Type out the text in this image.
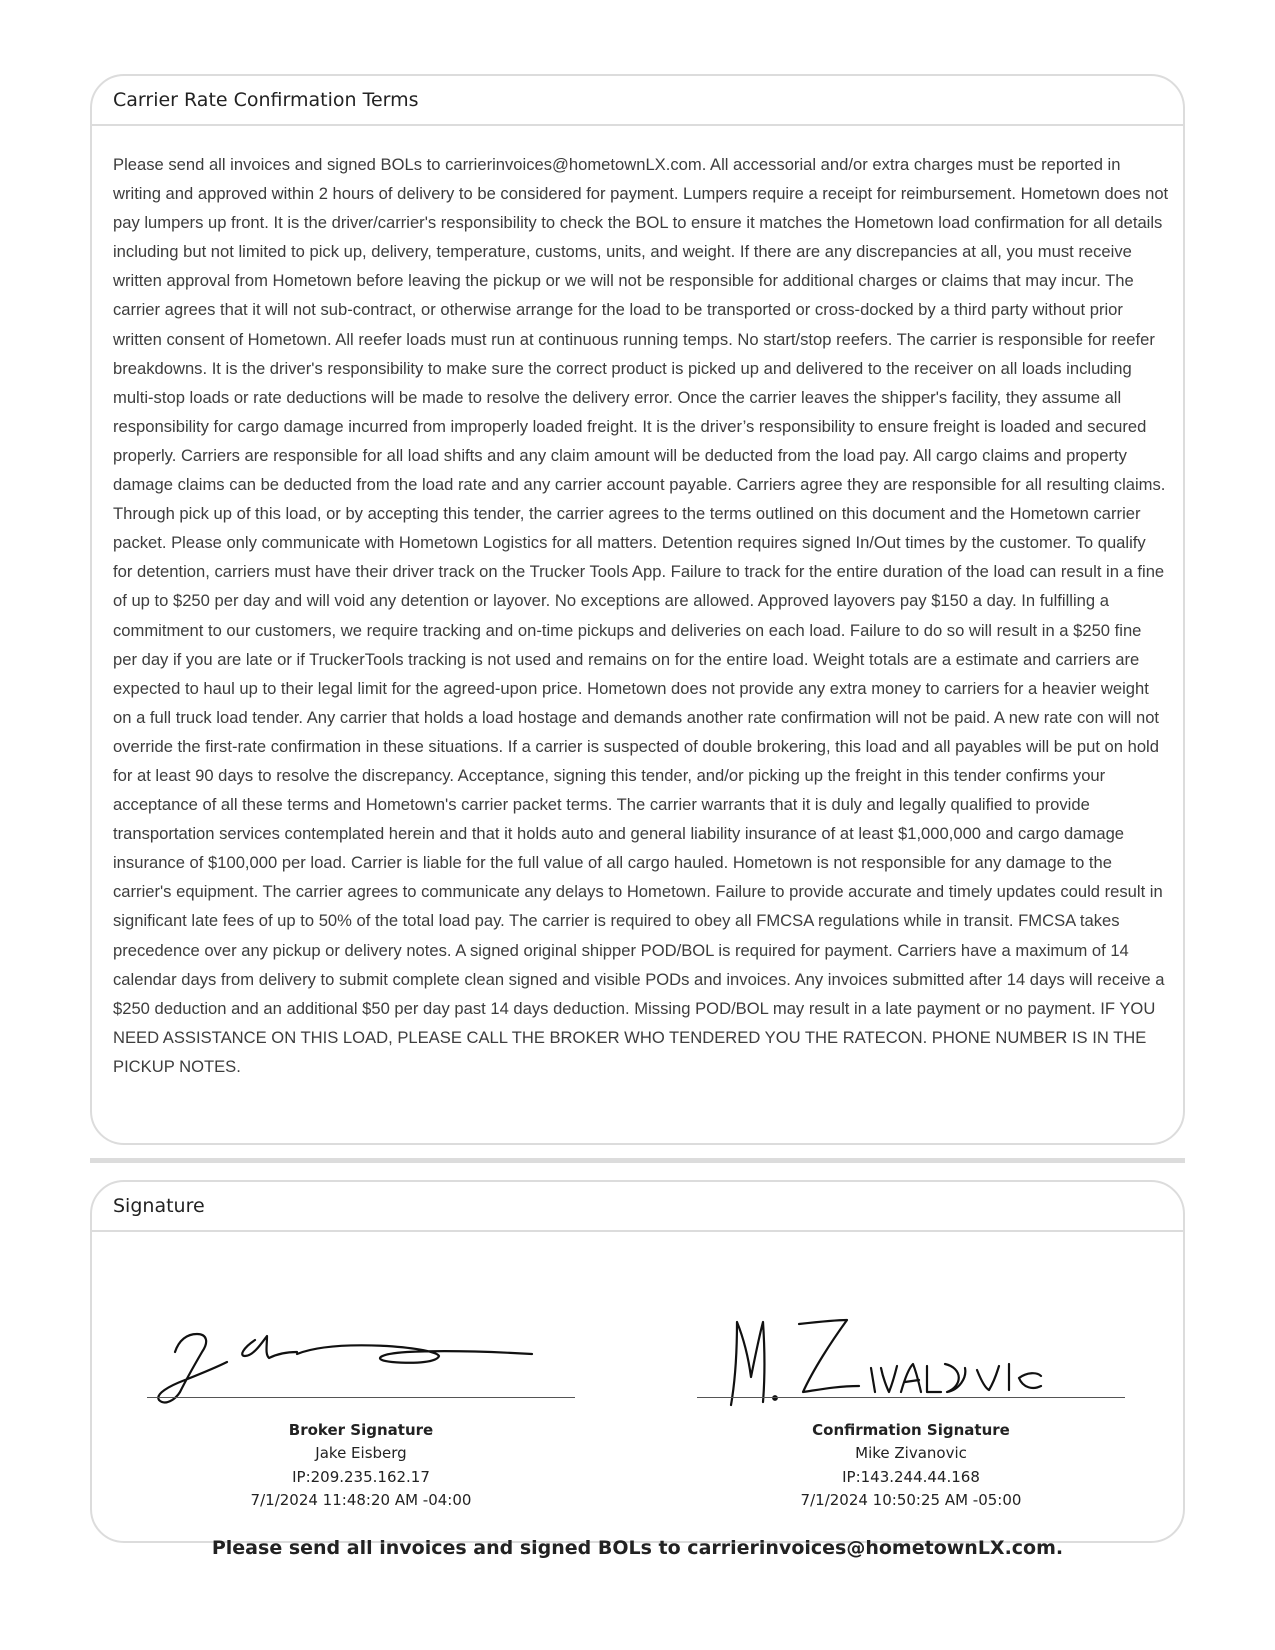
Carrier Rate Confirmation Terms
Please send all invoices and signed BOLs to carrierinvoices@hometownLX.com. All accessorial and/or extra charges must be reported in writing and approved within 2 hours of delivery to be considered for payment. Lumpers require a receipt for reimbursement. Hometown does not pay lumpers up front. It is the driver/carrier's responsibility to check the BOL to ensure it matches the Hometown load confirmation for all details including but not limited to pick up, delivery, temperature, customs, units, and weight. If there are any discrepancies at all, you must receive written approval from Hometown before leaving the pickup or we will not be responsible for additional charges or claims that may incur. The carrier agrees that it will not sub-contract, or otherwise arrange for the load to be transported or cross-docked by a third party without prior written consent of Hometown. All reefer loads must run at continuous running temps. No start/stop reefers. The carrier is responsible for reefer breakdowns. It is the driver's responsibility to make sure the correct product is picked up and delivered to the receiver on all loads including multi-stop loads or rate deductions will be made to resolve the delivery error. Once the carrier leaves the shipper's facility, they assume all responsibility for cargo damage incurred from improperly loaded freight. It is the driver’s responsibility to ensure freight is loaded and secured properly. Carriers are responsible for all load shifts and any claim amount will be deducted from the load pay. All cargo claims and property damage claims can be deducted from the load rate and any carrier account payable. Carriers agree they are responsible for all resulting claims. Through pick up of this load, or by accepting this tender, the carrier agrees to the terms outlined on this document and the Hometown carrier packet. Please only communicate with Hometown Logistics for all matters. Detention requires signed In/Out times by the customer. To qualify for detention, carriers must have their driver track on the Trucker Tools App. Failure to track for the entire duration of the load can result in a fine of up to $250 per day and will void any detention or layover. No exceptions are allowed. Approved layovers pay $150 a day. In fulfilling a commitment to our customers, we require tracking and on-time pickups and deliveries on each load. Failure to do so will result in a $250 fine per day if you are late or if TruckerTools tracking is not used and remains on for the entire load. Weight totals are a estimate and carriers are expected to haul up to their legal limit for the agreed-upon price. Hometown does not provide any extra money to carriers for a heavier weight on a full truck load tender. Any carrier that holds a load hostage and demands another rate confirmation will not be paid. A new rate con will not override the first-rate confirmation in these situations. If a carrier is suspected of double brokering, this load and all payables will be put on hold for at least 90 days to resolve the discrepancy. Acceptance, signing this tender, and/or picking up the freight in this tender confirms your acceptance of all these terms and Hometown's carrier packet terms. The carrier warrants that it is duly and legally qualified to provide transportation services contemplated herein and that it holds auto and general liability insurance of at least $1,000,000 and cargo damage insurance of $100,000 per load. Carrier is liable for the full value of all cargo hauled. Hometown is not responsible for any damage to the carrier's equipment. The carrier agrees to communicate any delays to Hometown. Failure to provide accurate and timely updates could result in significant late fees of up to 50% of the total load pay. The carrier is required to obey all FMCSA regulations while in transit. FMCSA takes precedence over any pickup or delivery notes. A signed original shipper POD/BOL is required for payment. Carriers have a maximum of 14 calendar days from delivery to submit complete clean signed and visible PODs and invoices. Any invoices submitted after 14 days will receive a $250 deduction and an additional $50 per day past 14 days deduction. Missing POD/BOL may result in a late payment or no payment. IF YOU NEED ASSISTANCE ON THIS LOAD, PLEASE CALL THE BROKER WHO TENDERED YOU THE RATECON. PHONE NUMBER IS IN THE PICKUP NOTES.
Signature
Broker Signature
Jake Eisberg
IP:209.235.162.17
7/1/2024 11:48:20 AM -04:00
Confirmation Signature
Mike Zivanovic
IP:143.244.44.168
7/1/2024 10:50:25 AM -05:00
Please send all invoices and signed BOLs to carrierinvoices@hometownLX.com.
